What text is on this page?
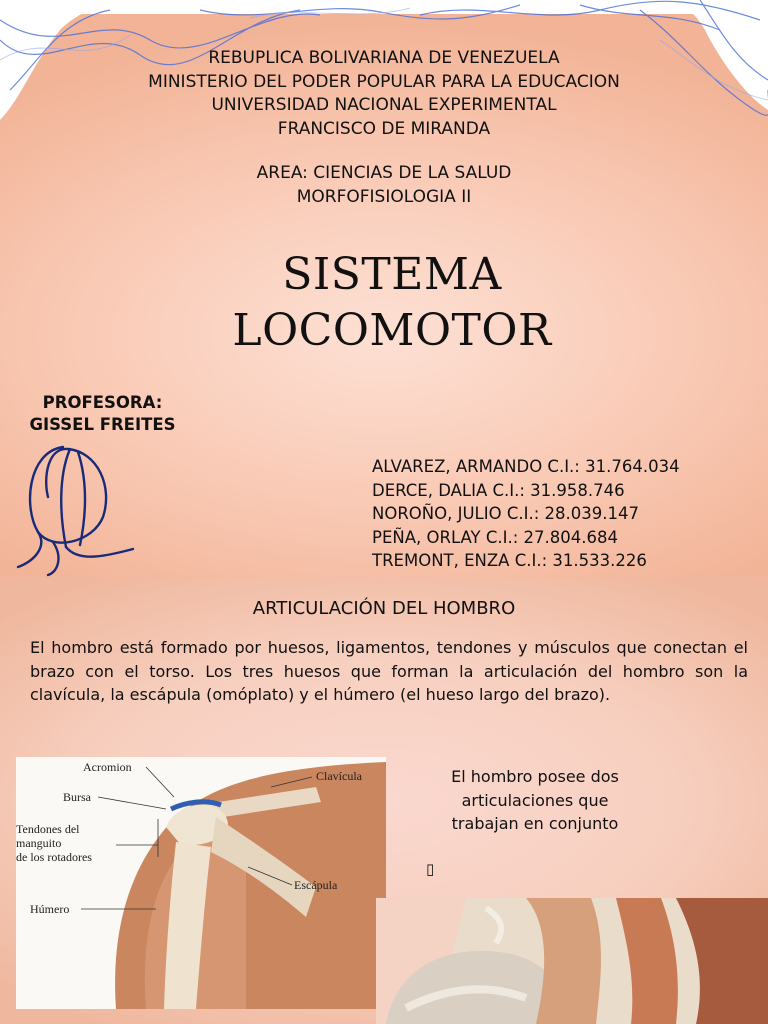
REBUPLICA BOLIVARIANA DE VENEZUELA
MINISTERIO DEL PODER POPULAR PARA LA EDUCACION
UNIVERSIDAD NACIONAL EXPERIMENTAL
FRANCISCO DE MIRANDA
AREA: CIENCIAS DE LA SALUD
MORFOFISIOLOGIA II
SISTEMA
LOCOMOTOR
PROFESORA:
GISSEL FREITES
ALVAREZ, ARMANDO C.I.: 31.764.034
DERCE, DALIA C.I.: 31.958.746
NOROÑO, JULIO C.I.: 28.039.147
PEÑA, ORLAY C.I.: 27.804.684
TREMONT, ENZA C.I.: 31.533.226
ARTICULACIÓN DEL HOMBRO
El hombro está formado por huesos, ligamentos, tendones y músculos que conectan el brazo con el torso. Los tres huesos que forman la articulación del hombro son la clavícula, la escápula (omóplato) y el húmero (el hueso largo del brazo).
Acromion
Bursa
Tendones del
manguito
de los rotadores
Húmero
Clavícula
Escápula
El hombro posee dos articulaciones que trabajan en conjunto
▯
